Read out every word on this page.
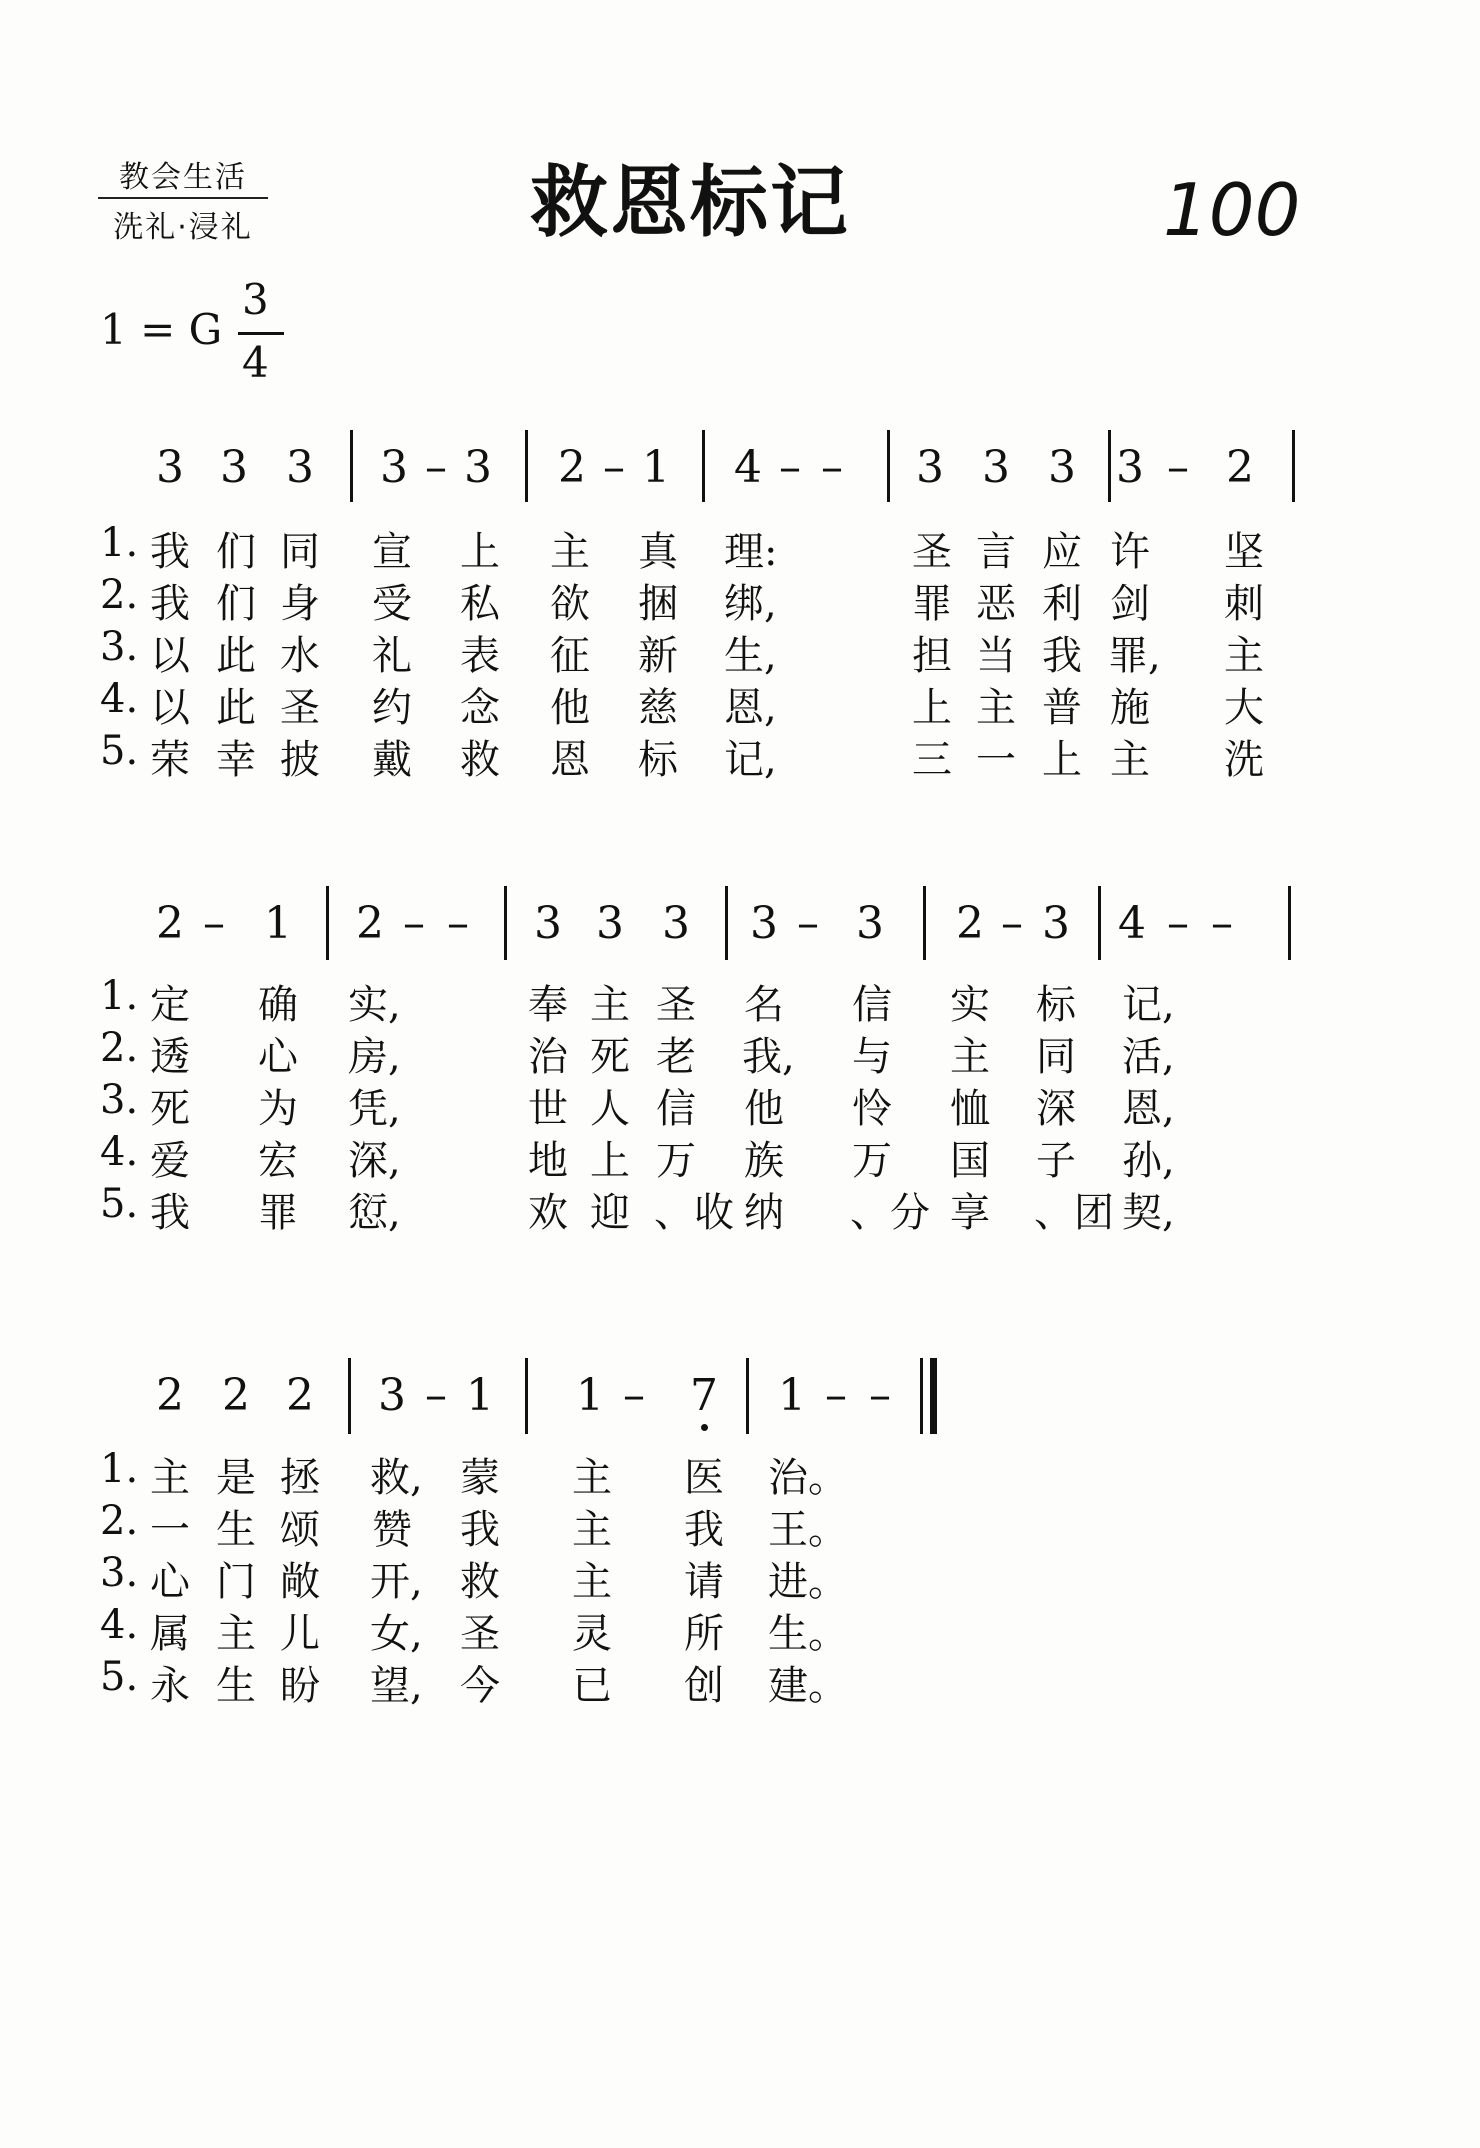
教会生活
洗礼·浸礼	救恩标记	100
1 = G
3
4
3 3 3 3 – 3 2 – 1 4 – – 3 3 3 3 – 2
1. 我 们 同 宣 上 主 真 理:	圣 言 应 许 坚
2. 我 们 身 受 私 欲 捆 绑,	罪 恶 利 剑 刺
3. 以 此 水 礼 表 征 新 生,	担 当 我 罪, 主
4. 以 此 圣 约 念 他 慈 恩,	上 主 普 施 大
5. 荣 幸 披 戴 救 恩 标 记,	三 一 上 主 洗
2 – 1 2 – – 3 3 3 3 – 3 2 – 3 4 – –
1. 定 确 实,	奉 主 圣 名 信 实 标 记,
2. 透 心 房,	治 死 老 我, 与 主 同 活,
3. 死 为 凭,	世 人 信 他 怜 恤 深 恩,
4. 爱 宏 深,	地 上 万 族 万 国 子 孙,
5. 我 罪 愆,	欢 迎 、收 纳 、分 享 、团 契,
2 2 2 3 – 1 1 – 7 1 – –
1. 主 是 拯 救, 蒙 主 医 治。
2. 一 生 颂 赞 我 主 我 王。
3. 心 门 敞 开, 救 主 请 进。
4. 属 主 儿 女, 圣 灵 所 生。
5. 永 生 盼 望, 今 已 创 建。
